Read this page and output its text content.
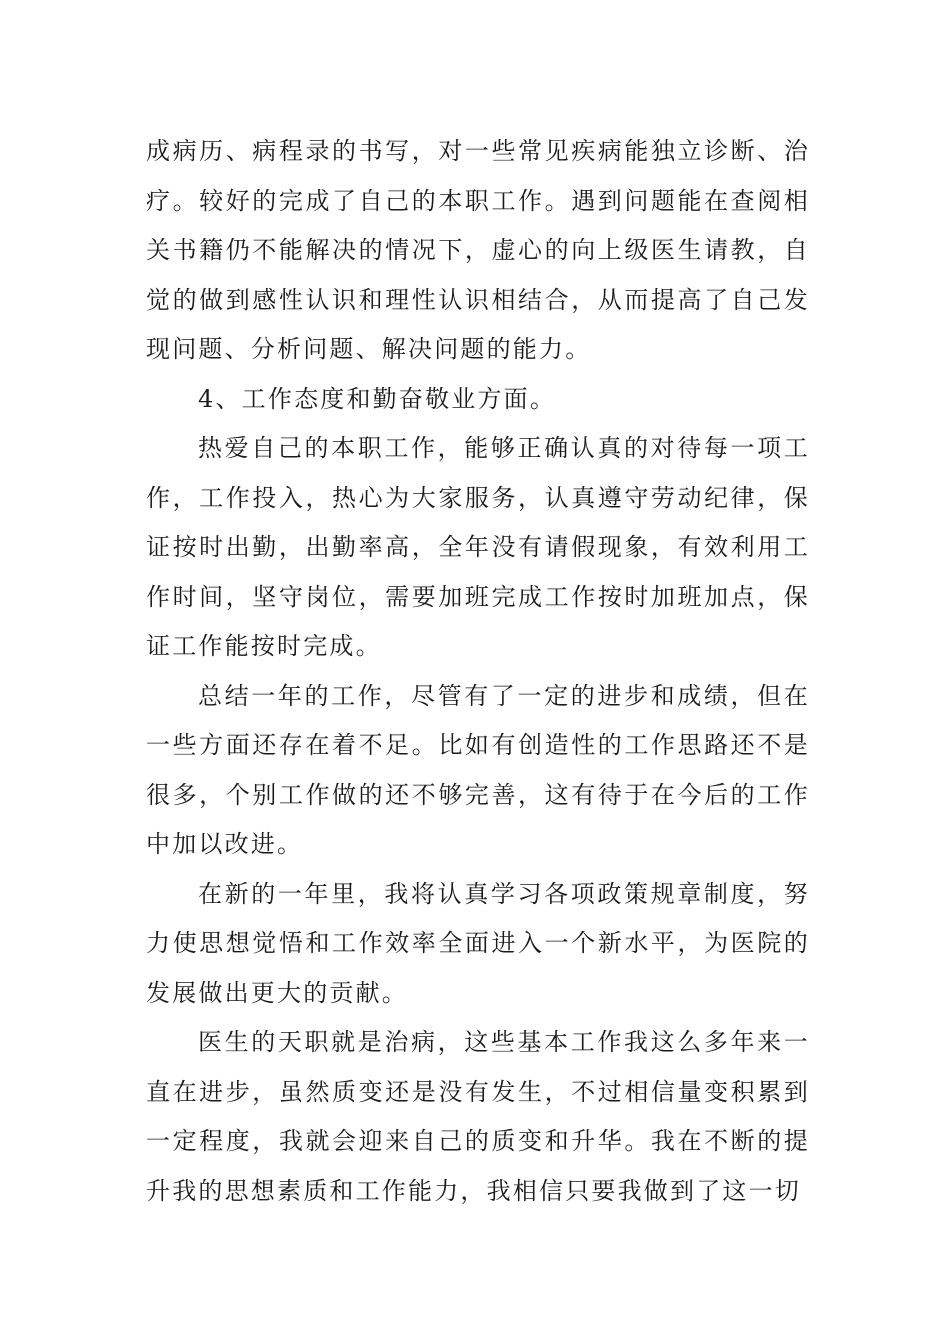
成病历、病程录的书写，对一些常见疾病能独立诊断、治疗。较好的完成了自己的本职工作。遇到问题能在查阅相关书籍仍不能解决的情况下，虚心的向上级医生请教，自觉的做到感性认识和理性认识相结合，从而提高了自己发现问题、分析问题、解决问题的能力。

4、工作态度和勤奋敬业方面。

热爱自己的本职工作，能够正确认真的对待每一项工作，工作投入，热心为大家服务，认真遵守劳动纪律，保证按时出勤，出勤率高，全年没有请假现象，有效利用工作时间，坚守岗位，需要加班完成工作按时加班加点，保证工作能按时完成。

总结一年的工作，尽管有了一定的进步和成绩，但在一些方面还存在着不足。比如有创造性的工作思路还不是很多，个别工作做的还不够完善，这有待于在今后的工作中加以改进。

在新的一年里，我将认真学习各项政策规章制度，努力使思想觉悟和工作效率全面进入一个新水平，为医院的发展做出更大的贡献。

医生的天职就是治病，这些基本工作我这么多年来一直在进步，虽然质变还是没有发生，不过相信量变积累到一定程度，我就会迎来自己的质变和升华。我在不断的提升我的思想素质和工作能力，我相信只要我做到了这一切
